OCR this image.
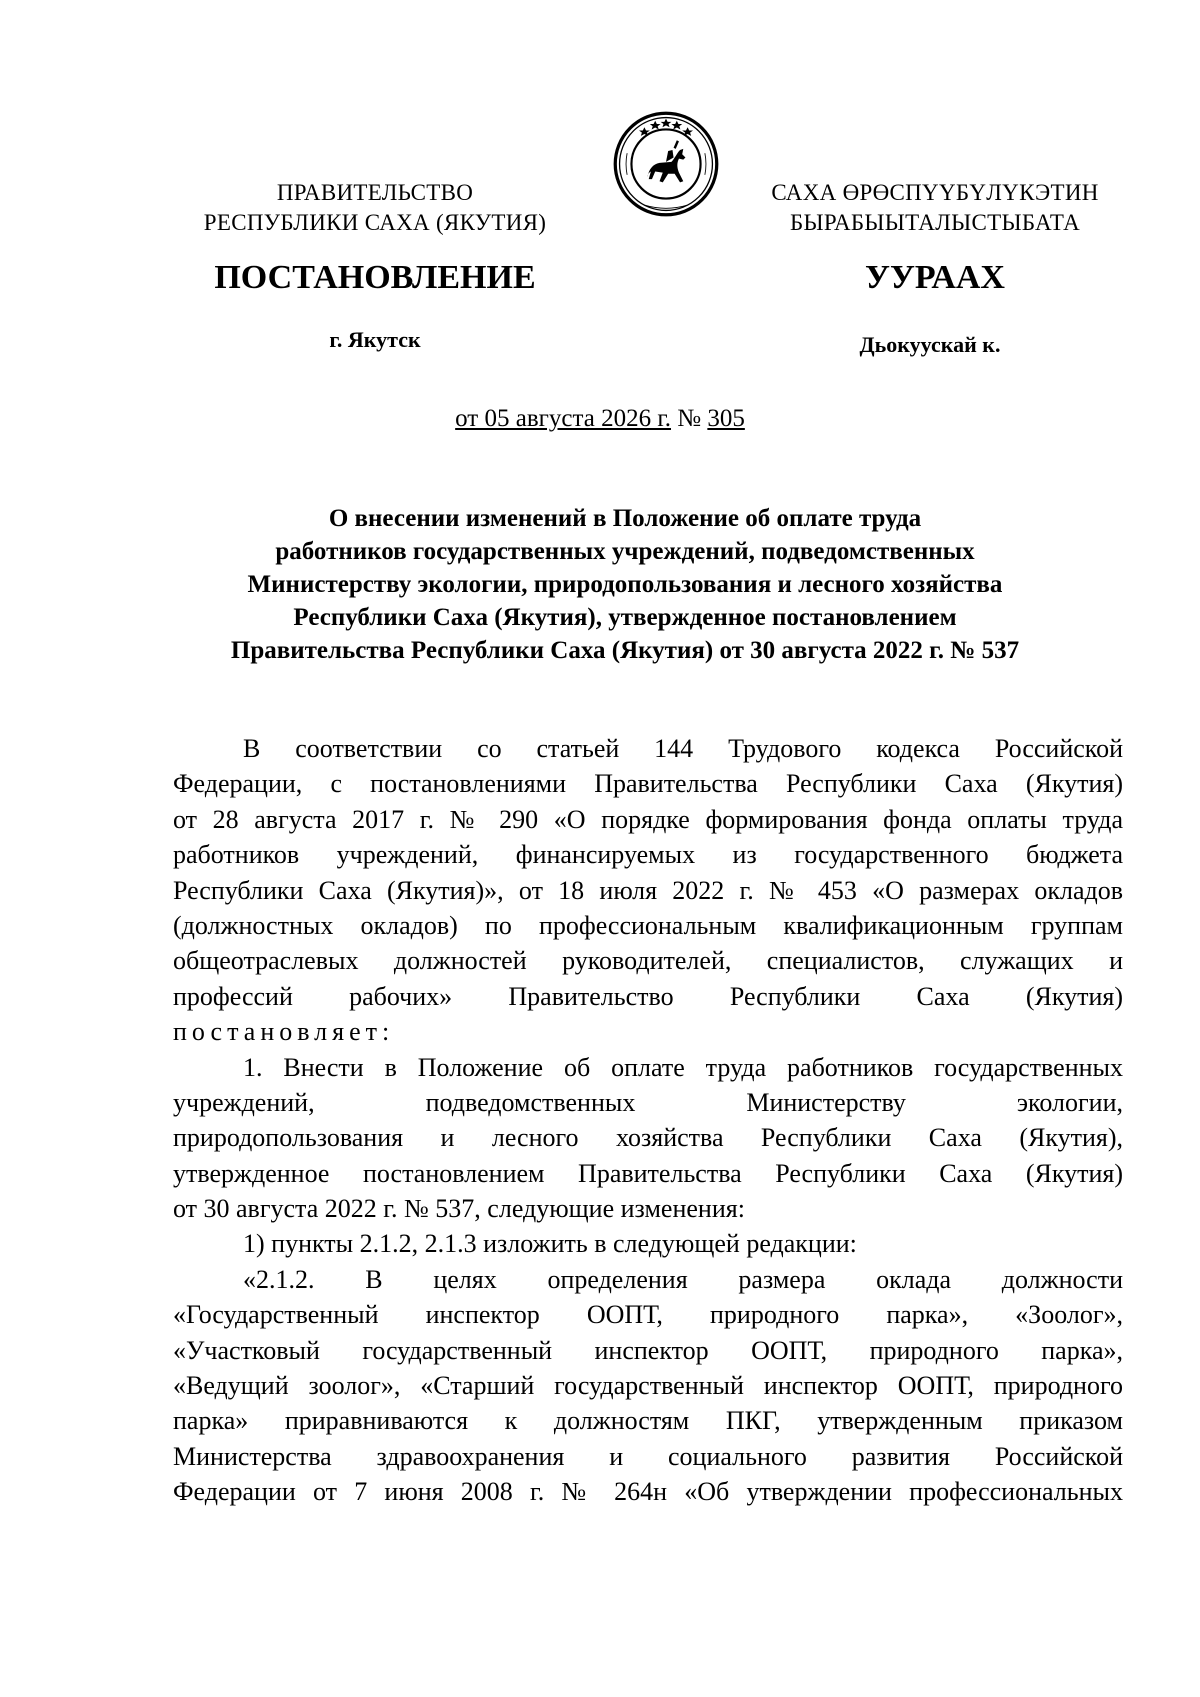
ПРАВИТЕЛЬСТВО
РЕСПУБЛИКИ САХА (ЯКУТИЯ)
САХА ӨРӨСПҮҮБҮЛҮКЭТИН
БЫРАБЫЫТАЛЫСТЫБАТА
ПОСТАНОВЛЕНИЕ	УУРААХ
г. Якутск	Дьокуускай к.
от 05 августа 2026 г. № 305
О внесении изменений в Положение об оплате труда
работников государственных учреждений, подведомственных
Министерству экологии, природопользования и лесного хозяйства
Республики Саха (Якутия), утвержденное постановлением
Правительства Республики Саха (Якутия) от 30 августа 2022 г. № 537
В соответствии со статьей 144 Трудового кодекса Российской
Федерации, с постановлениями Правительства Республики Саха (Якутия)
от 28 августа 2017 г. № 290 «О порядке формирования фонда оплаты труда
работников учреждений, финансируемых из государственного бюджета
Республики Саха (Якутия)», от 18 июля 2022 г. № 453 «О размерах окладов
(должностных окладов) по профессиональным квалификационным группам
общеотраслевых должностей руководителей, специалистов, служащих и
профессий рабочих» Правительство Республики Саха (Якутия)
постановляет:
1. Внести в Положение об оплате труда работников государственных
учреждений, подведомственных Министерству экологии,
природопользования и лесного хозяйства Республики Саха (Якутия),
утвержденное постановлением Правительства Республики Саха (Якутия)
от 30 августа 2022 г. № 537, следующие изменения:
1) пункты 2.1.2, 2.1.3 изложить в следующей редакции:
«2.1.2. В целях определения размера оклада должности
«Государственный инспектор ООПТ, природного парка», «Зоолог»,
«Участковый государственный инспектор ООПТ, природного парка»,
«Ведущий зоолог», «Старший государственный инспектор ООПТ, природного
парка» приравниваются к должностям ПКГ, утвержденным приказом
Министерства здравоохранения и социального развития Российской
Федерации от 7 июня 2008 г. № 264н «Об утверждении профессиональных
